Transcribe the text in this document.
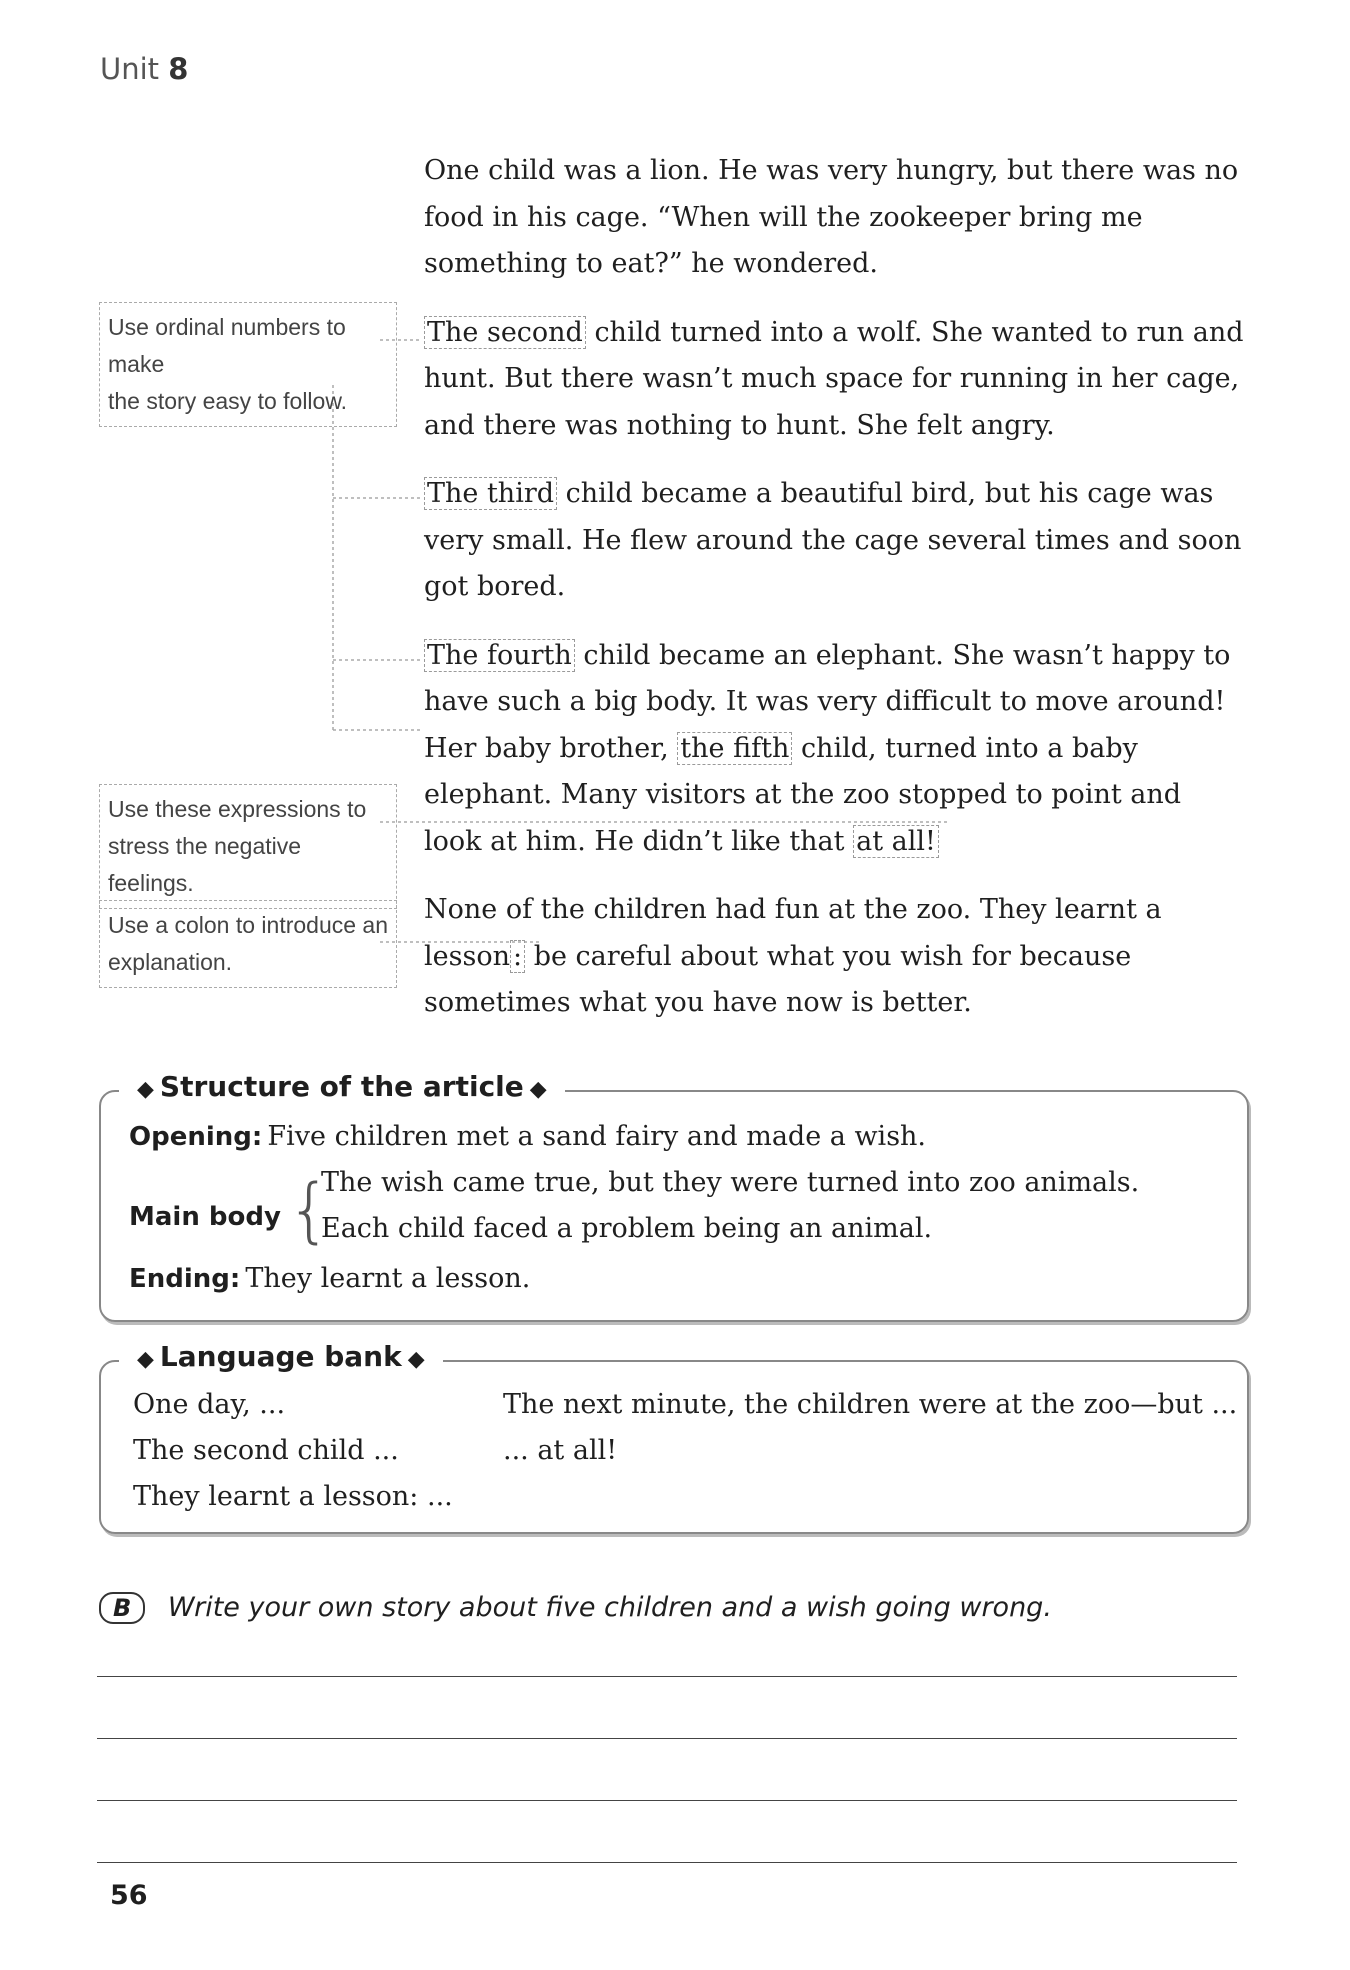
Unit 8

One child was a lion. He was very hungry, but there was no food in his cage. “When will the zookeeper bring me something to eat?” he wondered.

The second child turned into a wolf. She wanted to run and hunt. But there wasn’t much space for running in her cage, and there was nothing to hunt. She felt angry.

The third child became a beautiful bird, but his cage was very small. He flew around the cage several times and soon got bored.

The fourth child became an elephant. She wasn’t happy to have such a big body. It was very difficult to move around! Her baby brother, the fifth child, turned into a baby elephant. Many visitors at the zoo stopped to point and look at him. He didn’t like that at all!

None of the children had fun at the zoo. They learnt a lesson : be careful about what you wish for because sometimes what you have now is better.

Use ordinal numbers to make
the story easy to follow.
Use these expressions to
stress the negative feelings.
Use a colon to introduce an
explanation.
◆ Structure of the article ◆
Opening: Five children met a sand fairy and made a wish.
Main body {
The wish came true, but they were turned into zoo animals.
Each child faced a problem being an animal.
Ending: They learnt a lesson.
◆ Language bank ◆
One day, ...
The second child ...
They learnt a lesson: ...
The next minute, the children were at the zoo—but ...
... at all!
B Write your own story about five children and a wish going wrong.
56
